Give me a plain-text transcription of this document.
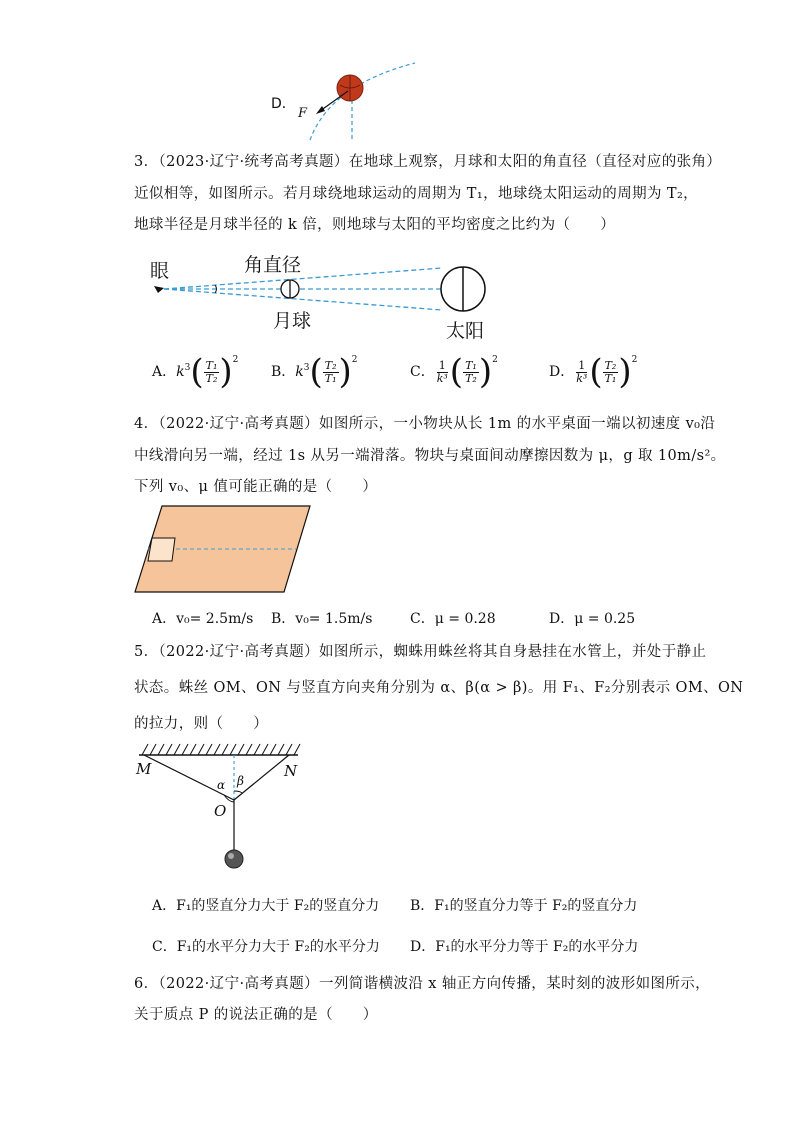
D．
F
3．（2023·辽宁·统考高考真题）在地球上观察，月球和太阳的角直径（直径对应的张角）
近似相等，如图所示。若月球绕地球运动的周期为 T₁，地球绕太阳运动的周期为 T₂，
地球半径是月球半径的 k 倍，则地球与太阳的平均密度之比约为（　　）
眼	角直径
月球	太阳
A．$k^3( \frac{\text{T₁}}{\text{T₂}} )^2$
B．$k^3( \frac{\text{T₂}}{\text{T₁}} )^2$
C． $\frac{1}{\text{k³}}$ ( $\frac{\text{T₁}}{\text{T₂}} )^2$
D． $\frac{1}{\text{k³}}$ ( $\frac{\text{T₂}}{\text{T₁}} )^2$
4．（2022·辽宁·高考真题）如图所示，一小物块从长 1m 的水平桌面一端以初速度 v₀沿
中线滑向另一端，经过 1s 从另一端滑落。物块与桌面间动摩擦因数为 μ，g 取 10m/s²。
下列 v₀、μ 值可能正确的是（　　）
A．v₀= 2.5m/s B．v₀= 1.5m/s	C．μ = 0.28	D．μ = 0.25
5．（2022·辽宁·高考真题）如图所示，蜘蛛用蛛丝将其自身悬挂在水管上，并处于静止
状态。蛛丝 OM、ON 与竖直方向夹角分别为 α、β(α > β)。用 F₁、F₂分别表示 OM、ON
的拉力，则（　　）
M	N
O
α β
A．F₁的竖直分力大于 F₂的竖直分力 B．F₁的竖直分力等于 F₂的竖直分力
C．F₁的水平分力大于 F₂的水平分力 D．F₁的水平分力等于 F₂的水平分力
6．（2022·辽宁·高考真题）一列简谐横波沿 x 轴正方向传播，某时刻的波形如图所示，
关于质点 P 的说法正确的是（　　）
